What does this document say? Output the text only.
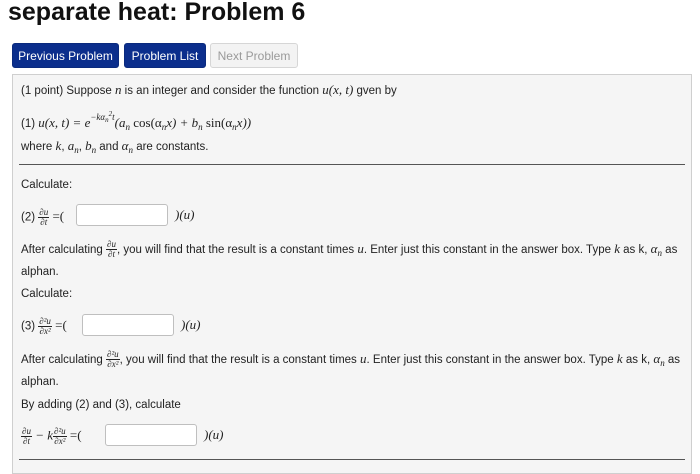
separate heat: Problem 6
Previous Problem	Problem List	Next Problem
(1 point) Suppose n is an integer and consider the function u(x, t) gven by
(1) u(x, $t) = e^{-k\alpha_n^2t}(a_n$ $\cos(\alpha_nx) + b_n$ $\sin(\alpha_nx)$)
where k, $a_n$, $b_n$ and $\alpha_n$ are constants.
Calculate:
$(2) \frac{\partial u}{\partial t}$ =(	)(u)
After calculating $\frac{\partial u}{\partial t}$ , you will find that the result is a constant times u. Enter just this constant in the answer box. Type k as k, $\alpha_n$ as
alphan.
Calculate:
$(3) \frac{\text{∂²u}}{\text{∂x²}}$ =(	)(u)
After calculating $\frac{\text{∂²u}}{\text{∂x²}}$ , you will find that the result is a constant times u. Enter just this constant in the answer box. Type k as k, $\alpha_n$ as
alphan.
By adding (2) and (3), calculate
$\frac{\partial u}{\partial t} - k \frac{\text{∂²u}}{\text{∂x²}}$ =(	)(u)
